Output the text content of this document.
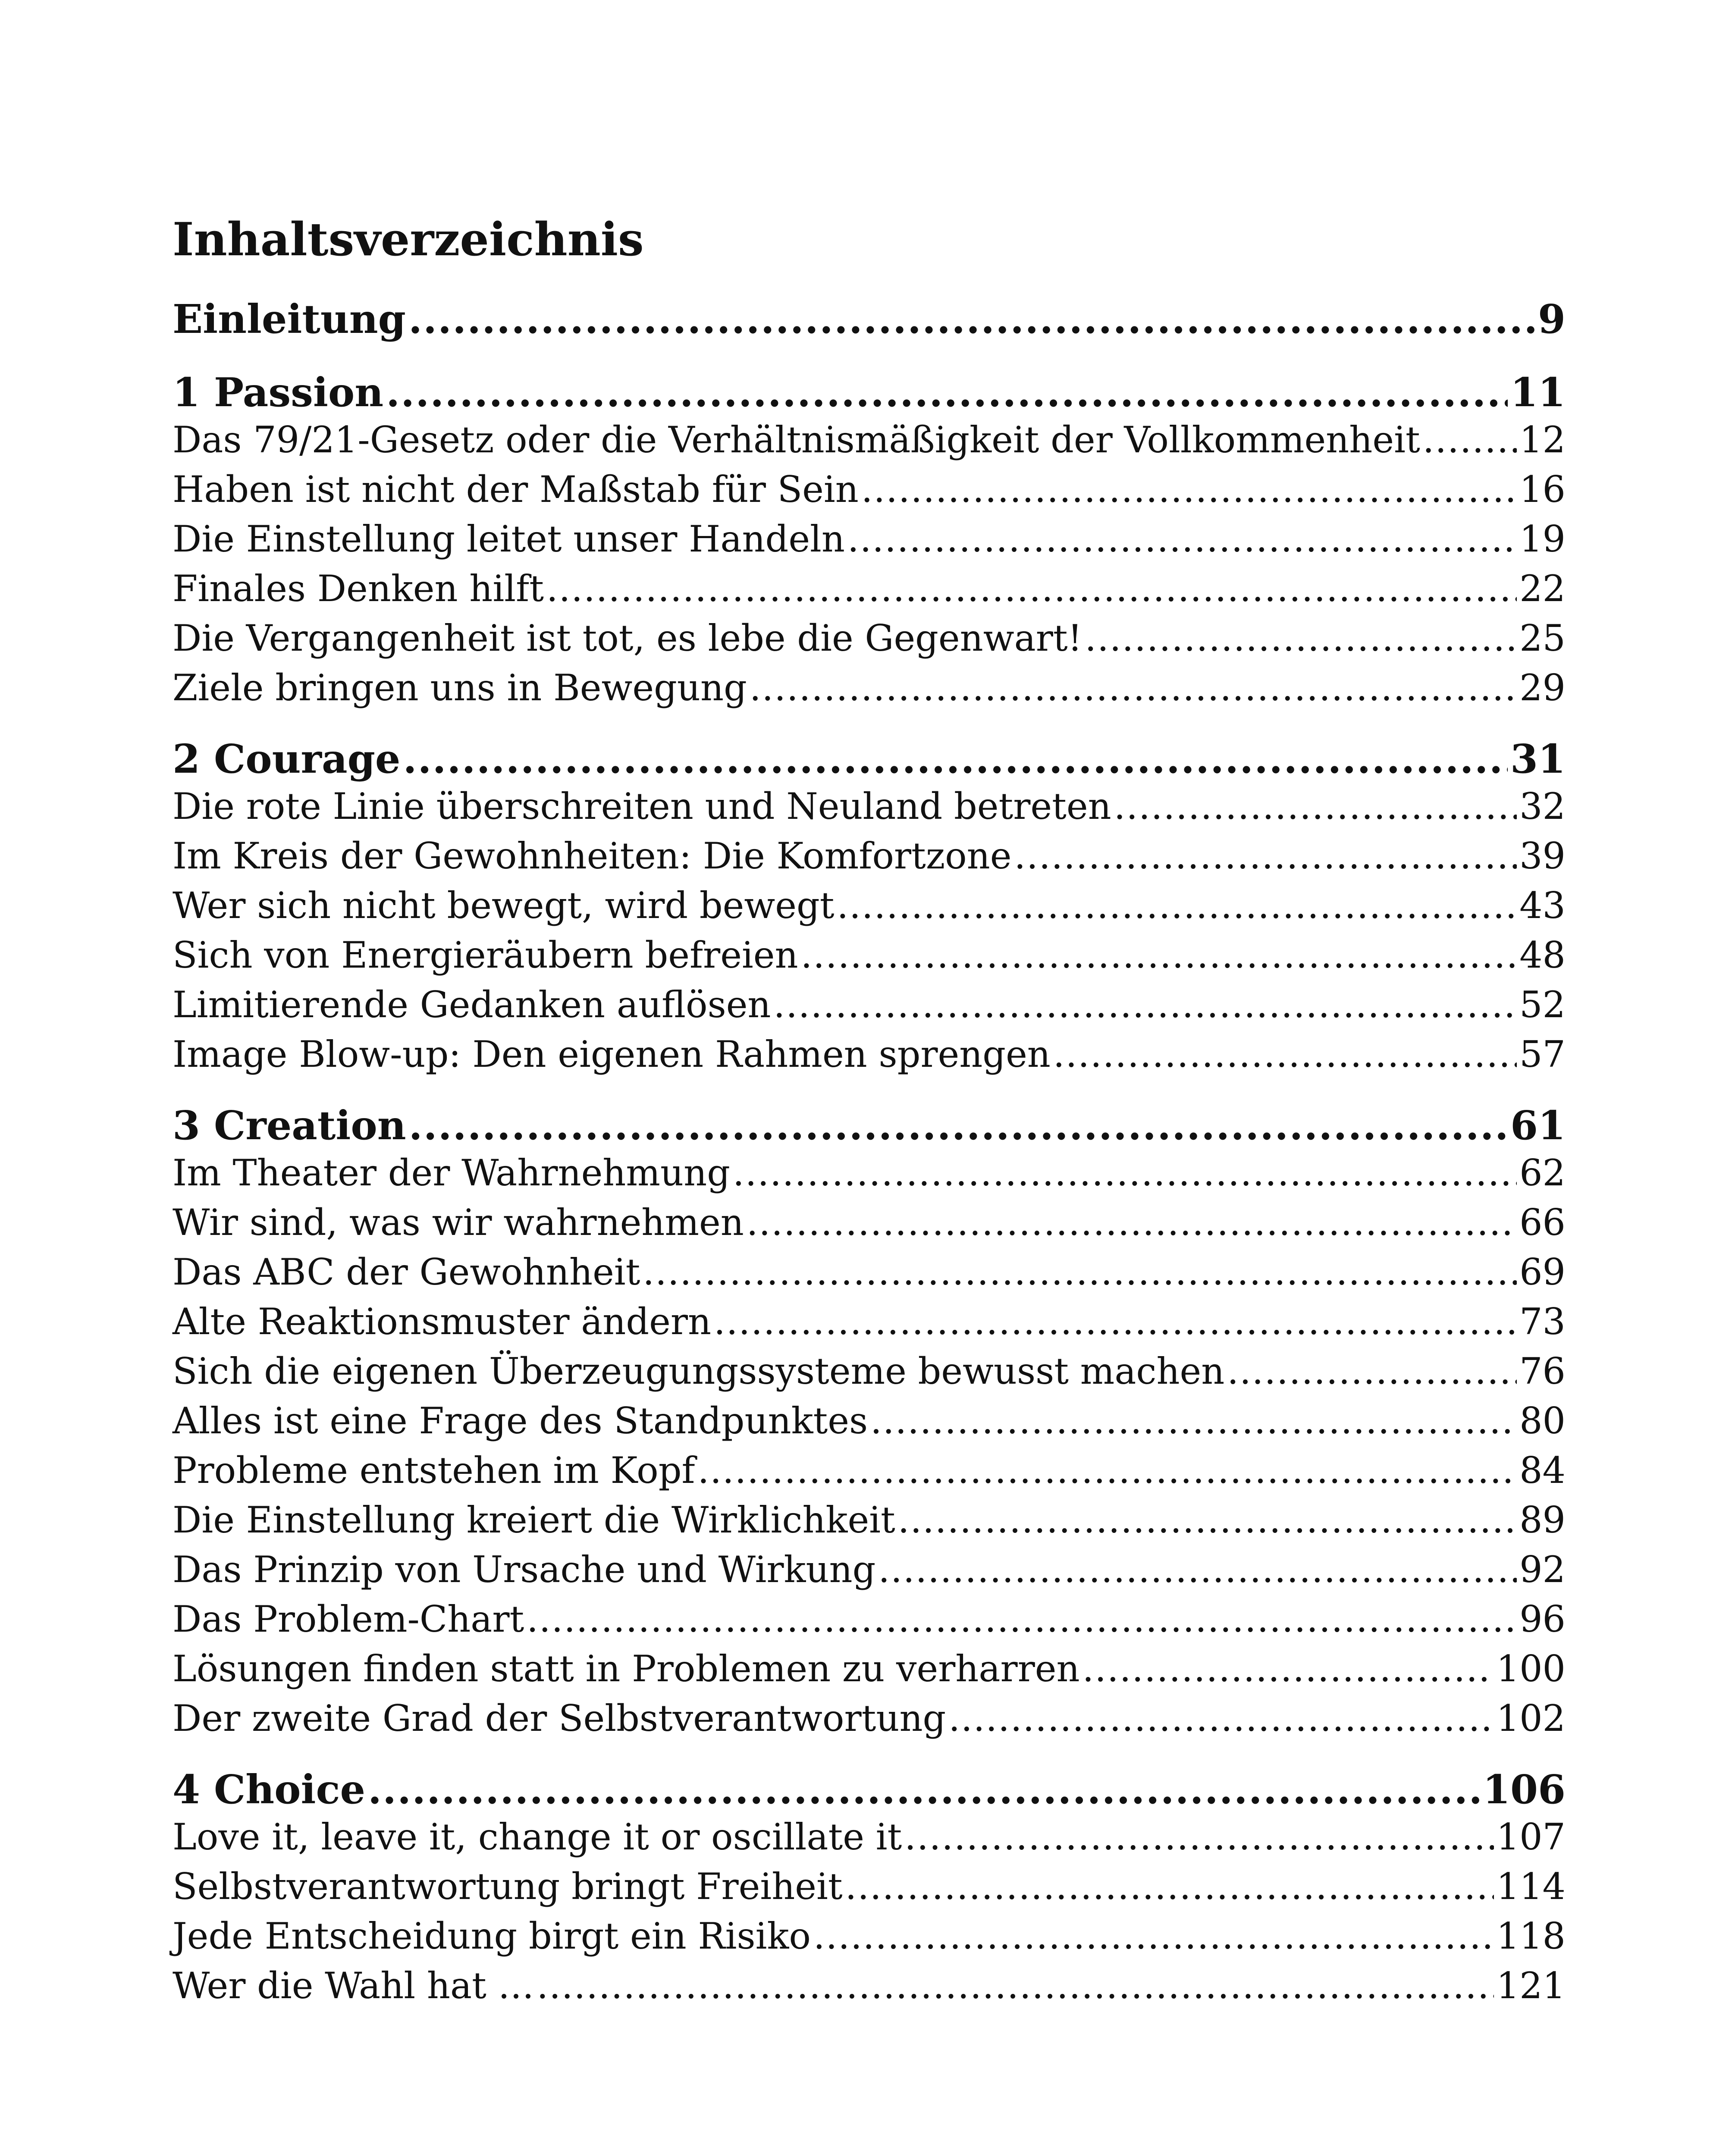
Inhaltsverzeichnis
Einleitung .....	9
1 Passion .....	11
Das 79/21-Gesetz oder die Verhältnismäßigkeit der Vollkommenheit .....	12
Haben ist nicht der Maßstab für Sein .....	16
Die Einstellung leitet unser Handeln .....	19
Finales Denken hilft .....	22
Die Vergangenheit ist tot, es lebe die Gegenwart! .....	25
Ziele bringen uns in Bewegung .....	29
2 Courage .....	31
Die rote Linie überschreiten und Neuland betreten .....	32
Im Kreis der Gewohnheiten: Die Komfortzone .....	39
Wer sich nicht bewegt, wird bewegt .....	43
Sich von Energieräubern befreien .....	48
Limitierende Gedanken auflösen .....	52
Image Blow-up: Den eigenen Rahmen sprengen .....	57
3 Creation .....	61
Im Theater der Wahrnehmung .....	62
Wir sind, was wir wahrnehmen .....	66
Das ABC der Gewohnheit .....	69
Alte Reaktionsmuster ändern .....	73
Sich die eigenen Überzeugungssysteme bewusst machen .....	76
Alles ist eine Frage des Standpunktes .....	80
Probleme entstehen im Kopf .....	84
Die Einstellung kreiert die Wirklichkeit .....	89
Das Prinzip von Ursache und Wirkung .....	92
Das Problem-Chart .....	96
Lösungen finden statt in Problemen zu verharren .....	100
Der zweite Grad der Selbstverantwortung .....	102
4 Choice .....	106
Love it, leave it, change it or oscillate it .....	107
Selbstverantwortung bringt Freiheit .....	114
Jede Entscheidung birgt ein Risiko .....	118
Wer die Wahl hat … .....	121
